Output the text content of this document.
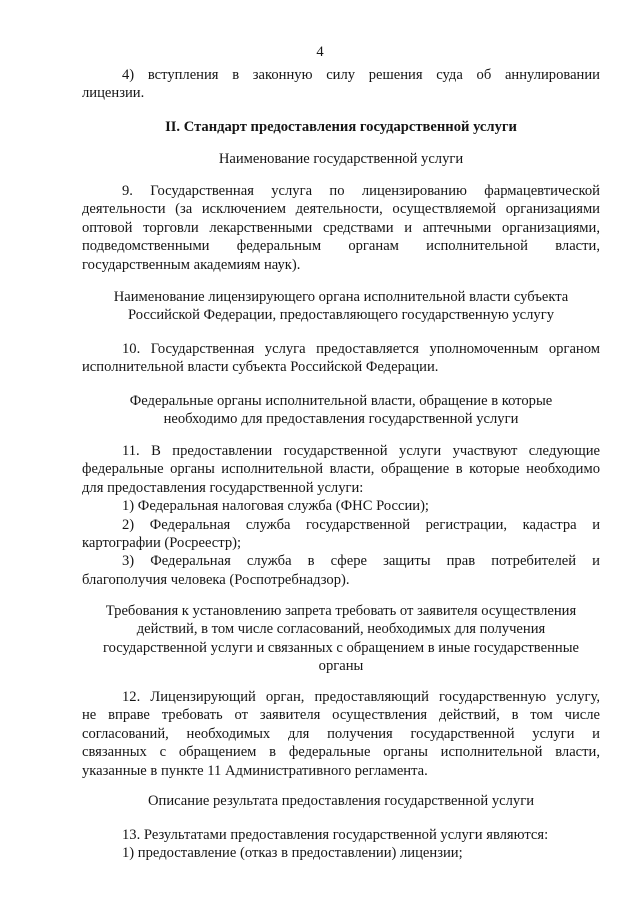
4

4) вступления в законную силу решения суда об аннулировании

лицензии.

II. Стандарт предоставления государственной услуги
Наименование государственной услуги

9. Государственная услуга по лицензированию фармацевтической

деятельности (за исключением деятельности, осуществляемой организациями

оптовой торговли лекарственными средствами и аптечными организациями,

подведомственными федеральным органам исполнительной власти,

государственным академиям наук).

Наименование лицензирующего органа исполнительной власти субъекта

Российской Федерации, предоставляющего государственную услугу

10. Государственная услуга предоставляется уполномоченным органом

исполнительной власти субъекта Российской Федерации.

Федеральные органы исполнительной власти, обращение в которые

необходимо для предоставления государственной услуги

11. В предоставлении государственной услуги участвуют следующие

федеральные органы исполнительной власти, обращение в которые необходимо

для предоставления государственной услуги:

1) Федеральная налоговая служба (ФНС России);

2) Федеральная служба государственной регистрации, кадастра и

картографии (Росреестр);

3) Федеральная служба в сфере защиты прав потребителей и

благополучия человека (Роспотребнадзор).

Требования к установлению запрета требовать от заявителя осуществления

действий, в том числе согласований, необходимых для получения

государственной услуги и связанных с обращением в иные государственные

органы

12. Лицензирующий орган, предоставляющий государственную услугу,

не вправе требовать от заявителя осуществления действий, в том числе

согласований, необходимых для получения государственной услуги и

связанных с обращением в федеральные органы исполнительной власти,

указанные в пункте 11 Административного регламента.

Описание результата предоставления государственной услуги

13. Результатами предоставления государственной услуги являются:

1) предоставление (отказ в предоставлении) лицензии;
